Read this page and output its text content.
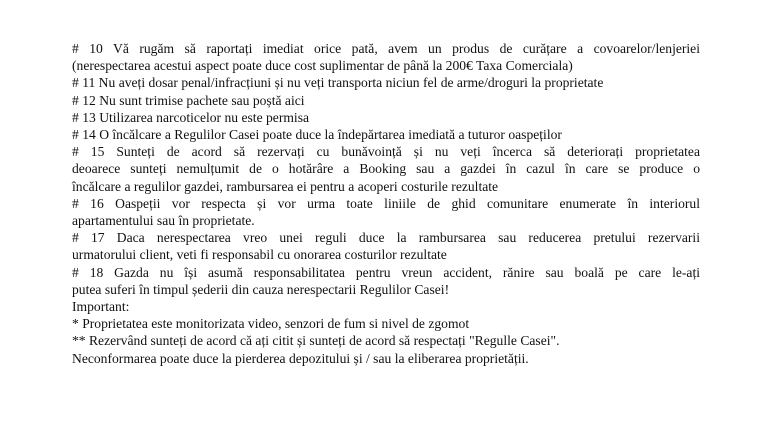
# 10 Vă rugăm să raportați imediat orice pată, avem un produs de curățare a covoarelor/lenjeriei
(nerespectarea acestui aspect poate duce cost suplimentar de până la 200€ Taxa Comerciala)
# 11 Nu aveți dosar penal/infracțiuni și nu veți transporta niciun fel de arme/droguri la proprietate
# 12 Nu sunt trimise pachete sau poștă aici
# 13 Utilizarea narcoticelor nu este permisa
# 14 O încălcare a Regulilor Casei poate duce la îndepărtarea imediată a tuturor oaspeților
# 15 Sunteți de acord să rezervați cu bunăvoință și nu veți încerca să deteriorați proprietatea
deoarece sunteți nemulțumit de o hotărâre a Booking sau a gazdei în cazul în care se produce o
încălcare a regulilor gazdei, rambursarea ei pentru a acoperi costurile rezultate
# 16 Oaspeții vor respecta și vor urma toate liniile de ghid comunitare enumerate în interiorul
apartamentului sau în proprietate.
# 17 Daca nerespectarea vreo unei reguli duce la rambursarea sau reducerea pretului rezervarii
urmatorului client, veti fi responsabil cu onorarea costurilor rezultate
# 18 Gazda nu își asumă responsabilitatea pentru vreun accident, rănire sau boală pe care le-ați
putea suferi în timpul șederii din cauza nerespectarii Regulilor Casei!
Important:
* Proprietatea este monitorizata video, senzori de fum si nivel de zgomot
** Rezervând sunteți de acord că ați citit și sunteți de acord să respectați "Regulle Casei".
Neconformarea poate duce la pierderea depozitului și / sau la eliberarea proprietății.
